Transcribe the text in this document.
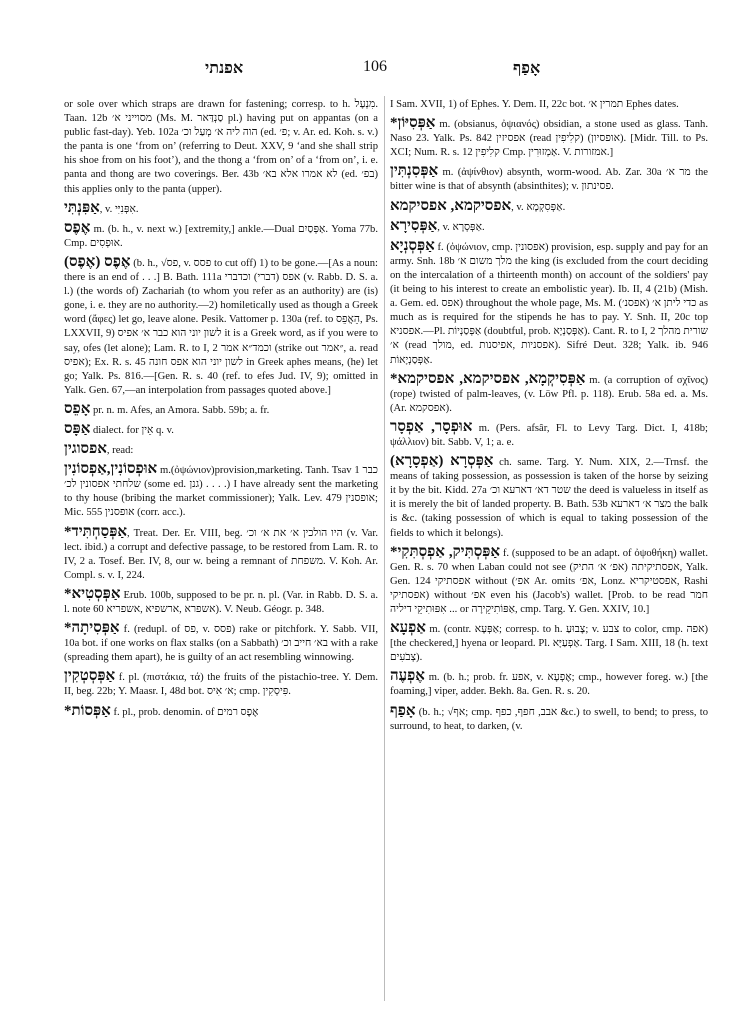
אפנתי	106	אָפַף

or sole over which straps are drawn for fastening; corresp. to h. מִנְעָל. Taan. 12b מסוייני א׳ (Ms. M. סַנְדַּאר pl.) having put on appantas (on a public fast-day). Yeb. 102a הוה ליה א׳ מְעַל וכ׳ (ed. פ׳; v. Ar. ed. Koh. s. v.) the panta is one ‘from on’ (referring to Deut. XXV, 9 ‘and she shall strip his shoe from on his foot’), and the thong a ‘from on’ of a ‘from on’, i. e. panta and thong are two coverings. Ber. 43b לא אמרו אלא בא׳ (ed. בפ׳) this applies only to the panta (upper).

אַפִּנְתִּי, v. אִפְּנִיִּי.

אֶפֶס m. (b. h., v. next w.) [extremity,] ankle.—Dual אַפְּסַיִם. Yoma 77b. Cmp. אוּפְסִים.

אֶפֶס (אֶפֶס) (b. h., √פס, v. פסס to cut off) 1) to be gone.—[As a noun: there is an end of . . .] B. Bath. 111a אפס (דברי) וכדברי (v. Rabb. D. S. a. l.) (the words of) Zachariah (to whom you refer as an authority) are (is) gone, i. e. they are no authority.—2) homiletically used as though a Greek word (ἄφες) let go, leave alone. Pesik. Vattomer p. 130a (ref. to הֵאֲפֵס, Ps. LXXVII, 9) לשון יוני הוא כבר א׳ אפיס it is a Greek word, as if you were to say, ofes (let alone); Lam. R. to I, 2 וכמד״א אמר (strike out ״אמר, a. read אפיס); Ex. R. s. 45 לשון יוני הוא אפס חונה in Greek aphes means, (he) let go; Yalk. Ps. 816.—[Gen. R. s. 40 (ref. to efes Jud. IV, 9); omitted in Yalk. Gen. 67,—an interpolation from passages quoted above.]

אָפֵס pr. n. m. Afes, an Amora. Sabb. 59b; a. fr.

אַפָּס dialect. for אֵין q. v.

אפסוגין, read:

אוּפְסוֹנִין,אַפְסוֹנִין m.(ὀψώνιον)provision,marketing. Tanh. Tsav 1 כבר שלחתי אפסונין לכ׳ (some ed. גנן) . . . .) I have already sent the marketing to thy house (bribing the market commissioner); Yalk. Lev. 479 אופסנין; Mic. 555 אופסנין (corr. acc.).

*אַפְּסַחְתִּיד, Treat. Der. Er. VIII, beg. היו הולכין א׳ את א׳ וכ׳ (v. Var. lect. ibid.) a corrupt and defective passage, to be restored from Lam. R. to IV, 2 a. Tosef. Ber. IV, 8, our w. being a remnant of משפחת. V. Koh. Ar. Compl. s. v. I, 224.

*אַפְּסְטִיא Erub. 100b, supposed to be pr. n. pl. (Var. in Rabb. D. S. a. l. note 60 אשפרא ,ארשפיא ,אשפריא). V. Neub. Géogr. p. 348.

*אַפְּסִיתָה f. (redupl. of פס, v. פסס) rake or pitchfork. Y. Sabb. VII, 10a bot. if one works on flax stalks (on a Sabbath) בא׳ חייב וכ׳ with a rake (spreading them apart), he is guilty of an act resembling winnowing.

אַפְּסְטְקִין f. pl. (πιστάκια, τά) the fruits of the pistachio-tree. Y. Dem. II, beg. 22b; Y. Maasr. I, 48d bot. א׳ אִיס; cmp. פִּיסְקִין.

*אַפְּסוֹת f. pl., prob. denomin. of אֶפֶס רמים

I Sam. XVII, 1) of Ephes. Y. Dem. II, 22c bot. תמרין א׳ Ephes dates.

*אַפְּסִיּוֹן m. (obsianus, ὀψιανός) obsidian, a stone used as glass. Tanh. Naso 23. Yalk. Ps. 842 אפסיזין (read קלִיפִין) (אופסיון). [Midr. Till. to Ps. XCI; Num. R. s. 12 קלִיפִין Cmp. אַמְזוּרִין. V. אמזורות.]

אַפְּסִנְתִּין m. (ἀψίνθιον) absynth, worm-wood. Ab. Zar. 30a מר א׳ the bitter wine is that of absynth (absinthites); v. פסינתון.

אפסיקמא, אפסיקמא, v. אַפְּסִקְמָא.

אַפְּסִירָא, v. אַפְּסְרָא.

אַפְּסְנְיָא f. (ὀψώνιον, cmp. אפסונין) provision, esp. supply and pay for an army. Snh. 18b מלך משום א׳ the king (is excluded from the court deciding on the intercalation of a thirteenth month) on account of the soldiers' pay (it being to his interest to create an embolistic year). Ib. II, 4 (21b) (Mish. a. Gem. ed. אפס) throughout the whole page, Ms. M. (אפסנ׳) כדי ליתן א׳ as much as is required for the stipends he has to pay. Y. Snh. II, 20c top אפסניא.—Pl. אַפְּסַנְיוֹת (doubtful, prob. אַפְּסַנְיָא). Cant. R. to I, 2 שורית מהלך א׳ (read מולך, ed. אפסניות ,אפיסנות). Sifré Deut. 328; Yalk. ib. 946 אַפְּסַנְיָאוֹת.

*אַפְּסִיקְמָא, אפסיקמא, אפסיקמא m. (a corruption of σχῖνος) (rope) twisted of palm-leaves, (v. Löw Pfl. p. 118). Erub. 58a ed. a. Ms. (Ar. אפסקמא).

אוּפְסָר, אַפְסָר m. (Pers. afsâr, Fl. to Levy Targ. Dict. I, 418b; ψάλλιον) bit. Sabb. V, 1; a. e.

(אַפְסָרָא) אַפְּסְרָא ch. same. Targ. Y. Num. XIX, 2.—Trnsf. the means of taking possession, as possession is taken of the horse by seizing it by the bit. Kidd. 27a שטר דא׳ דארעא וכ׳ the deed is valueless in itself as it is merely the bit of landed property. B. Bath. 53b מצר א׳ דארעא the balk is &c. (taking possession of which is equal to taking possession of the fields to which it belongs).

*אַפְּסְתִּיק, אַפְסְתִּקִי f. (supposed to be an adapt. of ὀψοθήκη) wallet. Gen. R. s. 70 when Laban could not see (אפ׳ א׳ התיק) אפסתיקיתה, Yalk. Gen. 124 אפסתיקי without (אפ׳ Ar. omits אפ׳, Lonz. אפסטיקריא, Rashi אפסתיקי) without אפ׳ even his (Jacob's) wallet. [Prob. to be read חמר אִפּוּתִיקֵי דיליה ... or אַפּוֹתִיקֵירָה, cmp. Targ. Y. Gen. XXIV, 10.]

אַפְעָא m. (contr. אַפְּעָא; corresp. to h. צָבוּעַ; v. צבע to color, cmp. אפה) [the checkered,] hyena or leopard. Pl. אַפְעַיָּא. Targ. I Sam. XIII, 18 (h. text צְבֹעִים).

אֶפְעֶה m. (b. h.; prob. fr. אפע, v. אֶפְעָא; cmp., however foreg. w.) [the foaming,] viper, adder. Bekh. 8a. Gen. R. s. 20.

אָפַף (b. h.; √אף; cmp. אבב, חפף, כפף &c.) to swell, to bend; to press, to surround, to heat, to darken, (v.
